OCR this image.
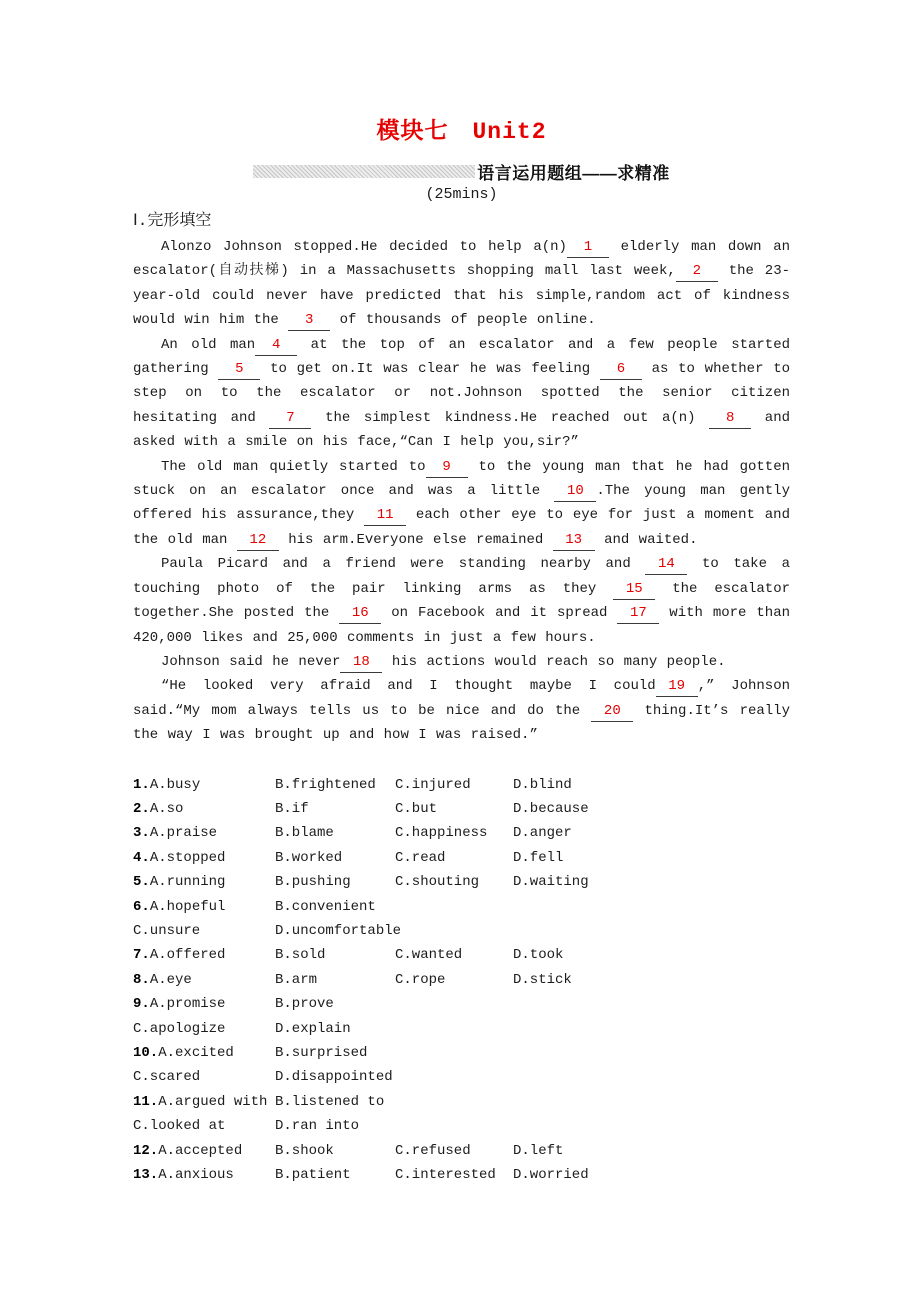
模块七　Unit2
语言运用题组——求精准
(25mins)
Ⅰ.完形填空

Alonzo Johnson stopped.He decided to help a(n) 1 elderly man down an escalator(自动扶梯) in a Massachusetts shopping mall last week, 2 the 23-year-old could never have predicted that his simple,random act of kindness would win him the 3 of thousands of people online.

An old man 4 at the top of an escalator and a few people started gathering 5 to get on.It was clear he was feeling 6 as to whether to step on to the escalator or not.Johnson spotted the senior citizen hesitating and 7 the simplest kindness.He reached out a(n) 8 and asked with a smile on his face,“Can I help you,sir?”

The old man quietly started to 9 to the young man that he had gotten stuck on an escalator once and was a little 10 .The young man gently offered his assurance,they 11 each other eye to eye for just a moment and the old man 12 his arm.Everyone else remained 13 and waited.

Paula Picard and a friend were standing nearby and 14 to take a touching photo of the pair linking arms as they 15 the escalator together.She posted the 16 on Facebook and it spread 17 with more than 420,000 likes and 25,000 comments in just a few hours.

Johnson said he never 18 his actions would reach so many people.

“He looked very afraid and I thought maybe I could 19 ,” Johnson said.“My mom always tells us to be nice and do the 20 thing.It’s really the way I was brought up and how I was raised.”

1.A.busy	B.frightened	C.injured	D.blind
2.A.so	B.if	C.but	D.because
3.A.praise	B.blame	C.happiness	D.anger
4.A.stopped	B.worked	C.read	D.fell
5.A.running	B.pushing	C.shouting	D.waiting
6.A.hopeful	B.convenient
C.unsure	D.uncomfortable
7.A.offered	B.sold	C.wanted	D.took
8.A.eye	B.arm	C.rope	D.stick
9.A.promise	B.prove
C.apologize	D.explain
10.A.excited	B.surprised
C.scared	D.disappointed
11.A.argued with B.listened to
C.looked at	D.ran into
12.A.accepted	B.shook	C.refused	D.left
13.A.anxious	B.patient	C.interested	D.worried
